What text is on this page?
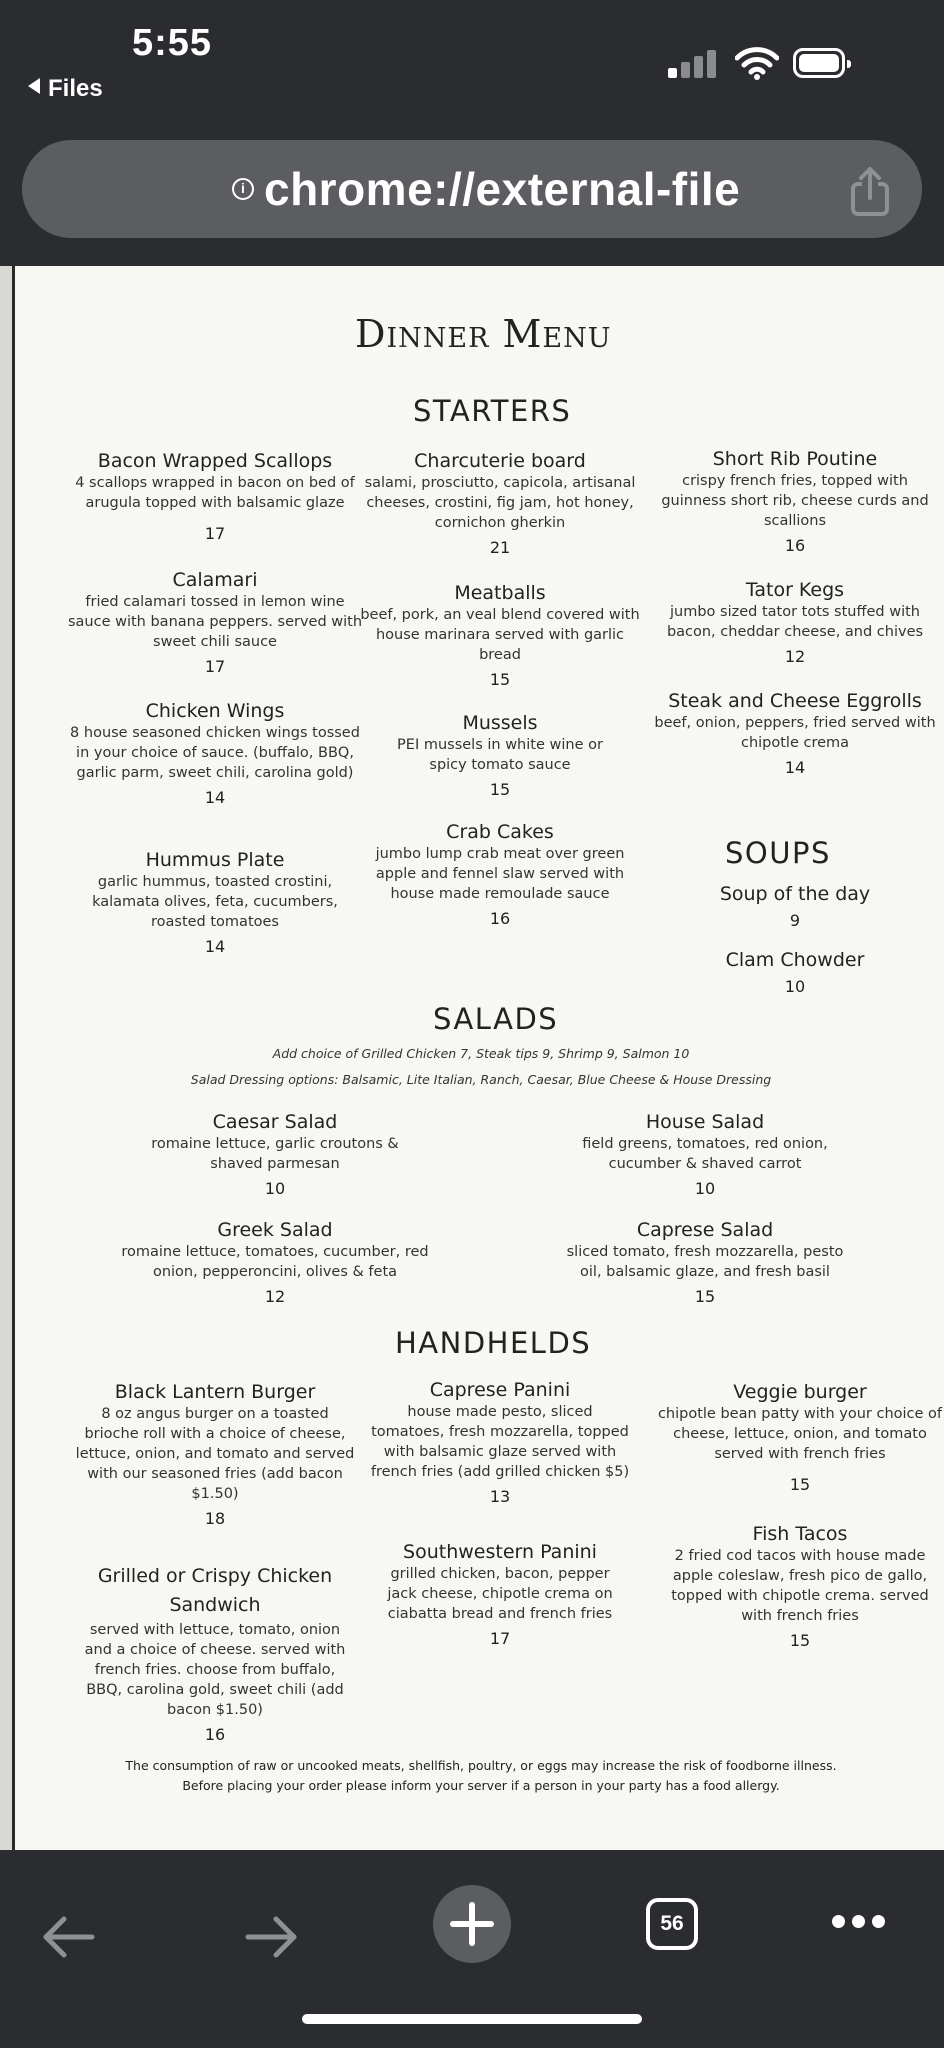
5:55
Files
i chrome://external-file
Dinner Menu
STARTERS
Bacon Wrapped Scallops
4 scallops wrapped in bacon on bed of arugula topped with balsamic glaze
17
Calamari
fried calamari tossed in lemon wine sauce with banana peppers. served with sweet chili sauce
17
Chicken Wings
8 house seasoned chicken wings tossed in your choice of sauce. (buffalo, BBQ, garlic parm, sweet chili, carolina gold)
14
Hummus Plate
garlic hummus, toasted crostini, kalamata olives, feta, cucumbers, roasted tomatoes
14
Charcuterie board
salami, prosciutto, capicola, artisanal cheeses, crostini, fig jam, hot honey, cornichon gherkin
21
Meatballs
beef, pork, an veal blend covered with house marinara served with garlic bread
15
Mussels
PEI mussels in white wine or spicy tomato sauce
15
Crab Cakes
jumbo lump crab meat over green apple and fennel slaw served with house made remoulade sauce
16
Short Rib Poutine
crispy french fries, topped with guinness short rib, cheese curds and scallions
16
Tator Kegs
jumbo sized tator tots stuffed with bacon, cheddar cheese, and chives
12
Steak and Cheese Eggrolls
beef, onion, peppers, fried served with chipotle crema
14
SOUPS
Soup of the day
9
Clam Chowder
10
SALADS
Add choice of Grilled Chicken 7, Steak tips 9, Shrimp 9, Salmon 10
Salad Dressing options: Balsamic, Lite Italian, Ranch, Caesar, Blue Cheese & House Dressing
Caesar Salad
romaine lettuce, garlic croutons & shaved parmesan
10
House Salad
field greens, tomatoes, red onion, cucumber & shaved carrot
10
Greek Salad
romaine lettuce, tomatoes, cucumber, red onion, pepperoncini, olives & feta
12
Caprese Salad
sliced tomato, fresh mozzarella, pesto oil, balsamic glaze, and fresh basil
15
HANDHELDS
Black Lantern Burger
8 oz angus burger on a toasted brioche roll with a choice of cheese, lettuce, onion, and tomato and served with our seasoned fries (add bacon $1.50)
18
Caprese Panini
house made pesto, sliced tomatoes, fresh mozzarella, topped with balsamic glaze served with french fries (add grilled chicken $5)
13
Veggie burger
chipotle bean patty with your choice of cheese, lettuce, onion, and tomato served with french fries
15
Grilled or Crispy Chicken Sandwich
served with lettuce, tomato, onion and a choice of cheese. served with french fries. choose from buffalo, BBQ, carolina gold, sweet chili (add bacon $1.50)
16
Southwestern Panini
grilled chicken, bacon, pepper jack cheese, chipotle crema on ciabatta bread and french fries
17
Fish Tacos
2 fried cod tacos with house made apple coleslaw, fresh pico de gallo, topped with chipotle crema. served with french fries
15
The consumption of raw or uncooked meats, shellfish, poultry, or eggs may increase the risk of foodborne illness.
Before placing your order please inform your server if a person in your party has a food allergy.
56
